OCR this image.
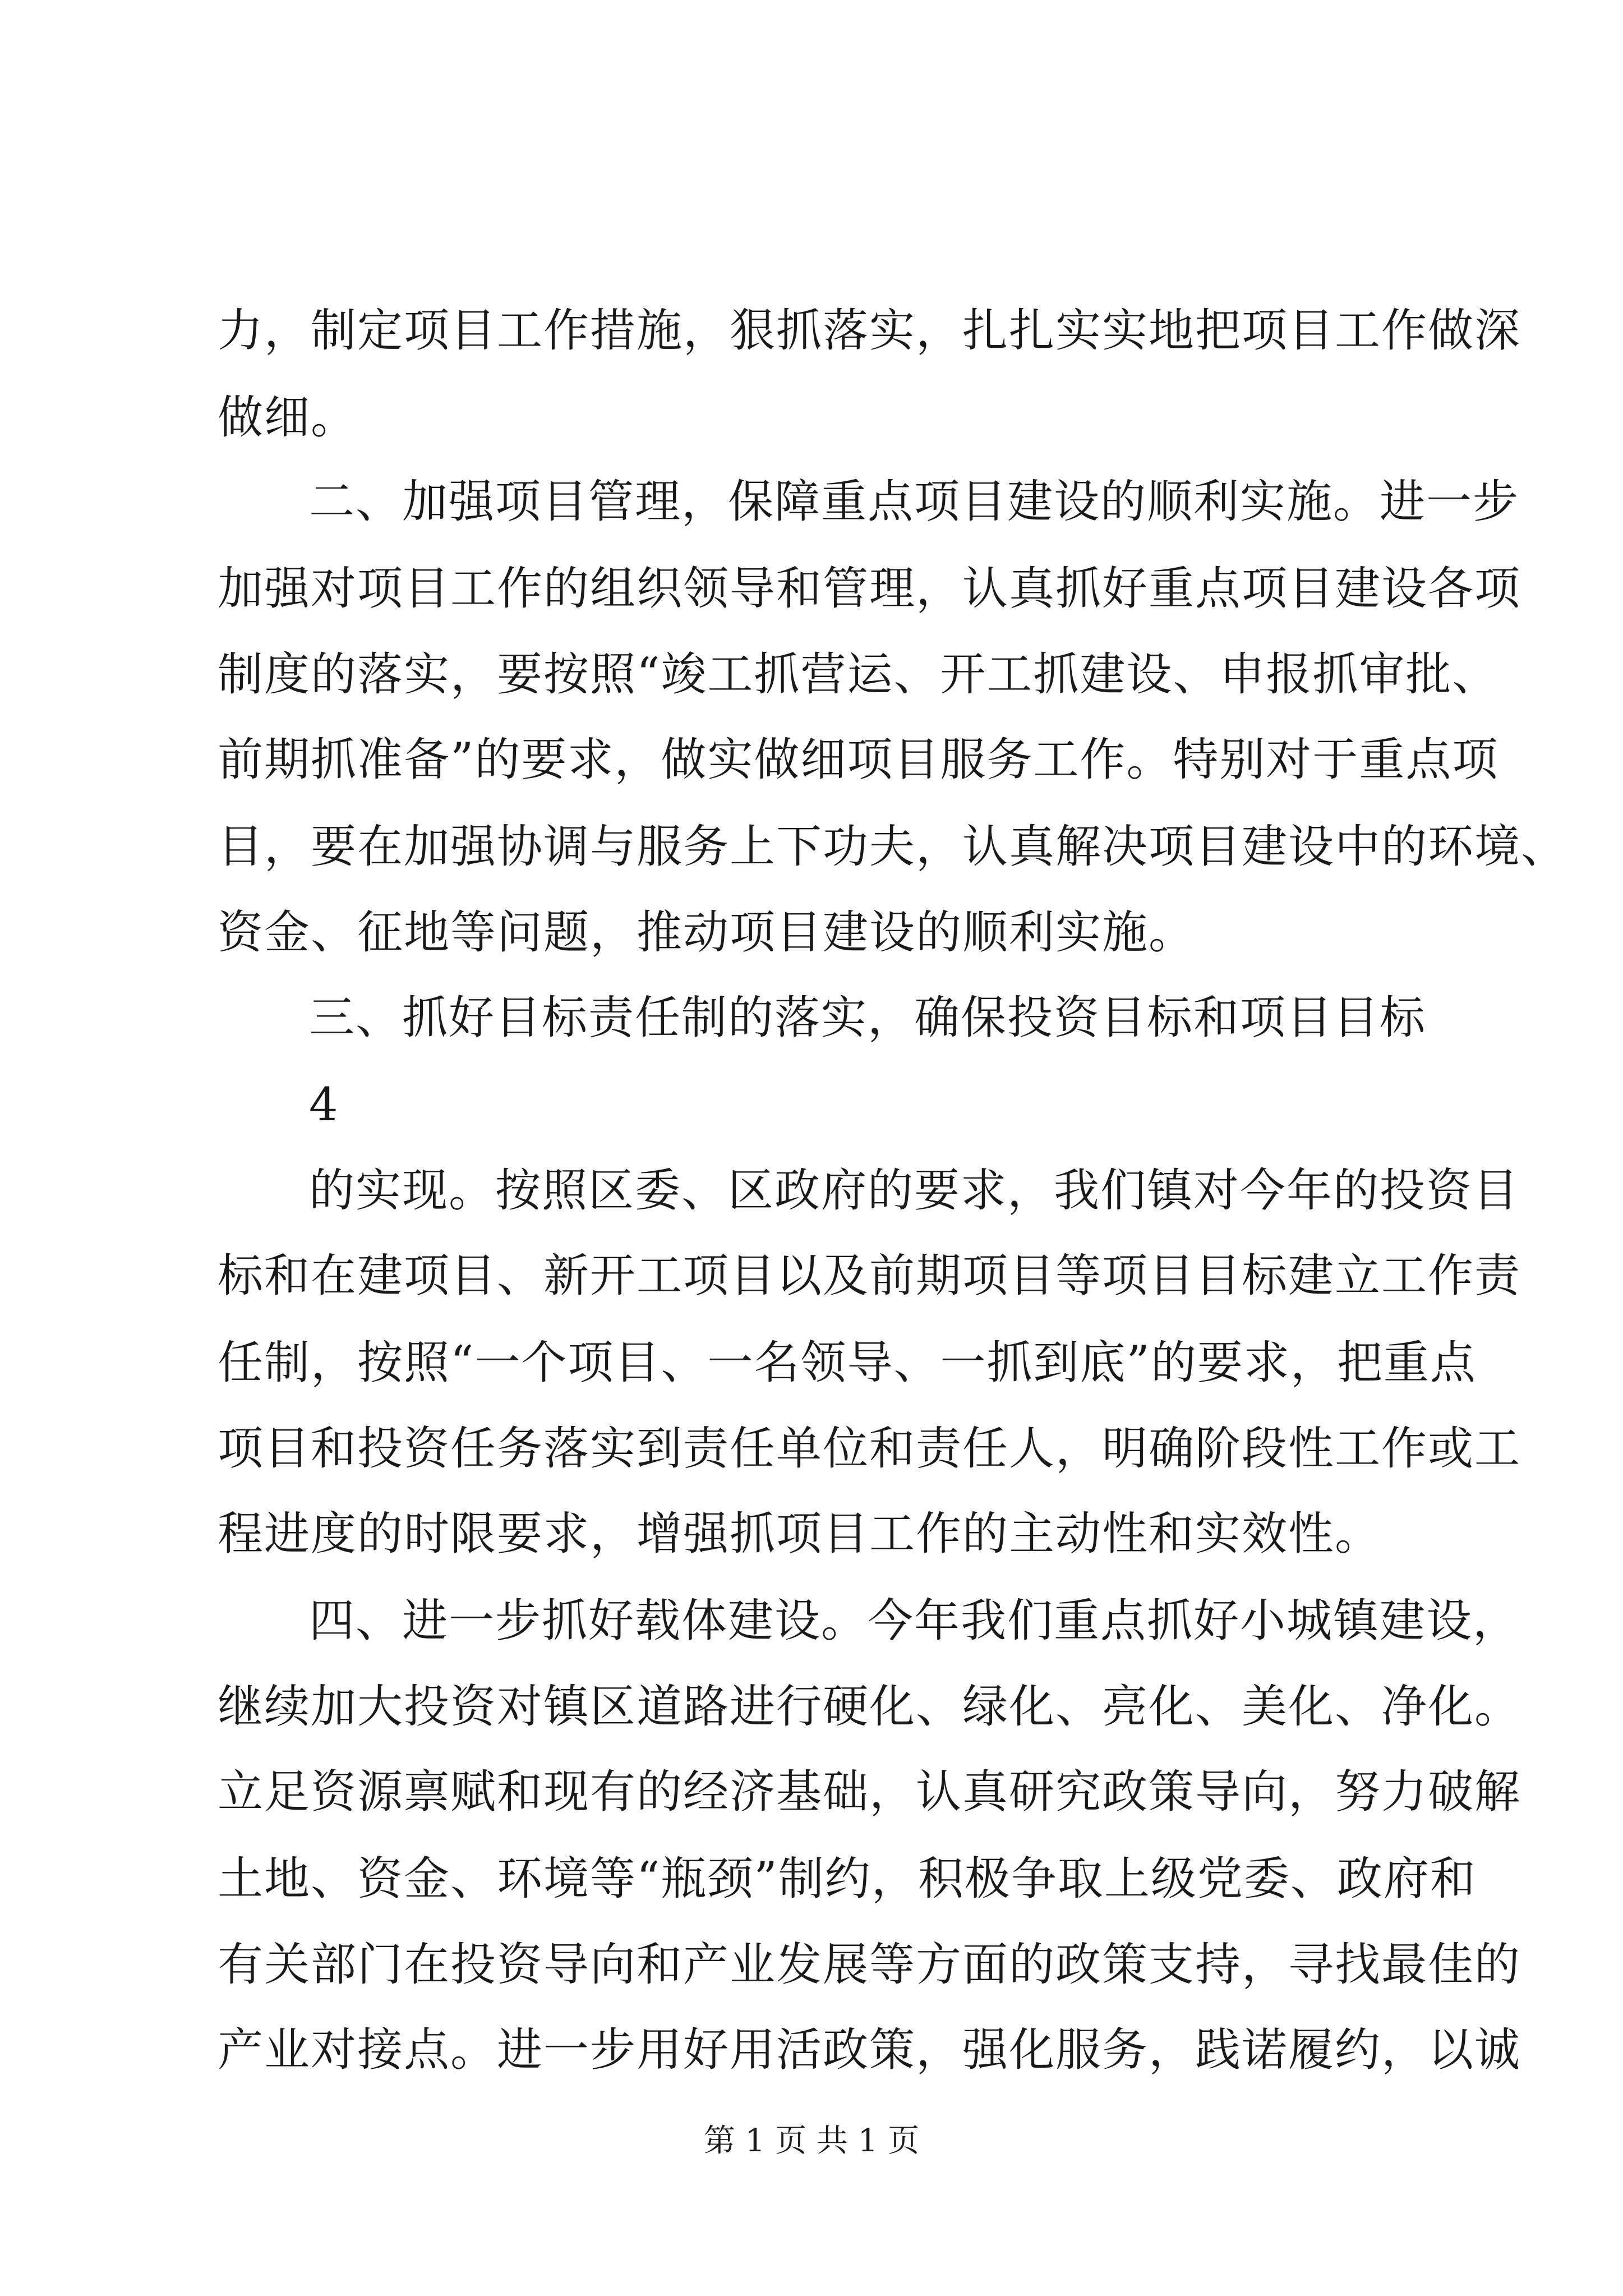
力，制定项目工作措施，狠抓落实，扎扎实实地把项目工作做深
做细。
二、加强项目管理，保障重点项目建设的顺利实施。进一步
加强对项目工作的组织领导和管理，认真抓好重点项目建设各项
制度的落实，要按照“竣工抓营运、开工抓建设、申报抓审批、
前期抓准备”的要求，做实做细项目服务工作。特别对于重点项
目，要在加强协调与服务上下功夫，认真解决项目建设中的环境、
资金、征地等问题，推动项目建设的顺利实施。
三、抓好目标责任制的落实，确保投资目标和项目目标
4
的实现。按照区委、区政府的要求，我们镇对今年的投资目
标和在建项目、新开工项目以及前期项目等项目目标建立工作责
任制，按照“一个项目、一名领导、一抓到底”的要求，把重点
项目和投资任务落实到责任单位和责任人，明确阶段性工作或工
程进度的时限要求，增强抓项目工作的主动性和实效性。
四、进一步抓好载体建设。今年我们重点抓好小城镇建设，
继续加大投资对镇区道路进行硬化、绿化、亮化、美化、净化。
立足资源禀赋和现有的经济基础，认真研究政策导向，努力破解
土地、资金、环境等“瓶颈”制约，积极争取上级党委、政府和
有关部门在投资导向和产业发展等方面的政策支持，寻找最佳的
产业对接点。进一步用好用活政策，强化服务，践诺履约，以诚
第 1 页 共 1 页
